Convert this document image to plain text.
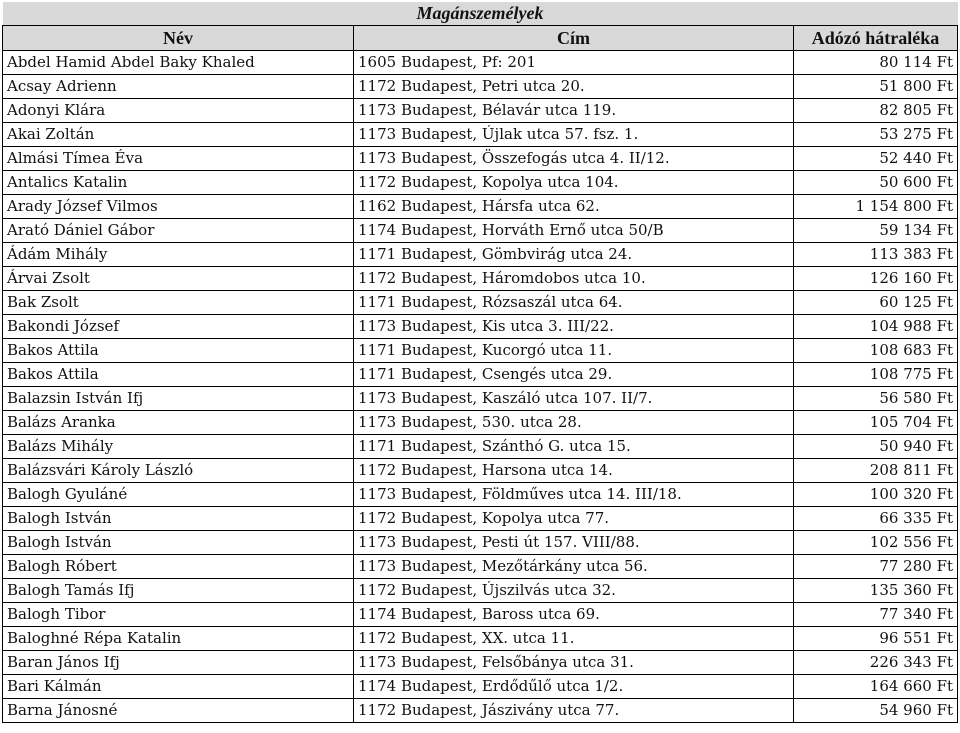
Magánszemélyek		
Név	Cím	Adózó hátraléka
Abdel Hamid Abdel Baky Khaled	1605 Budapest, Pf: 201	80 114 Ft
Acsay Adrienn	1172 Budapest, Petri utca 20.	51 800 Ft
Adonyi Klára	1173 Budapest, Bélavár utca 119.	82 805 Ft
Akai Zoltán	1173 Budapest, Újlak utca 57. fsz. 1.	53 275 Ft
Almási Tímea Éva	1173 Budapest, Összefogás utca 4. II/12.	52 440 Ft
Antalics Katalin	1172 Budapest, Kopolya utca 104.	50 600 Ft
Arady József Vilmos	1162 Budapest, Hársfa utca 62.	1 154 800 Ft
Arató Dániel Gábor	1174 Budapest, Horváth Ernő utca 50/B	59 134 Ft
Ádám Mihály	1171 Budapest, Gömbvirág utca 24.	113 383 Ft
Árvai Zsolt	1172 Budapest, Háromdobos utca 10.	126 160 Ft
Bak Zsolt	1171 Budapest, Rózsaszál utca 64.	60 125 Ft
Bakondi József	1173 Budapest, Kis utca 3. III/22.	104 988 Ft
Bakos Attila	1171 Budapest, Kucorgó utca 11.	108 683 Ft
Bakos Attila	1171 Budapest, Csengés utca 29.	108 775 Ft
Balazsin István Ifj	1173 Budapest, Kaszáló utca 107. II/7.	56 580 Ft
Balázs Aranka	1173 Budapest, 530. utca 28.	105 704 Ft
Balázs Mihály	1171 Budapest, Szánthó G. utca 15.	50 940 Ft
Balázsvári Károly László	1172 Budapest, Harsona utca 14.	208 811 Ft
Balogh Gyuláné	1173 Budapest, Földműves utca 14. III/18.	100 320 Ft
Balogh István	1172 Budapest, Kopolya utca 77.	66 335 Ft
Balogh István	1173 Budapest, Pesti út 157. VIII/88.	102 556 Ft
Balogh Róbert	1173 Budapest, Mezőtárkány utca 56.	77 280 Ft
Balogh Tamás Ifj	1172 Budapest, Újszilvás utca 32.	135 360 Ft
Balogh Tibor	1174 Budapest, Baross utca 69.	77 340 Ft
Baloghné Répa Katalin	1172 Budapest, XX. utca 11.	96 551 Ft
Baran János Ifj	1173 Budapest, Felsőbánya utca 31.	226 343 Ft
Bari Kálmán	1174 Budapest, Erdődűlő utca 1/2.	164 660 Ft
Barna Jánosné	1172 Budapest, Jászivány utca 77.	54 960 Ft
